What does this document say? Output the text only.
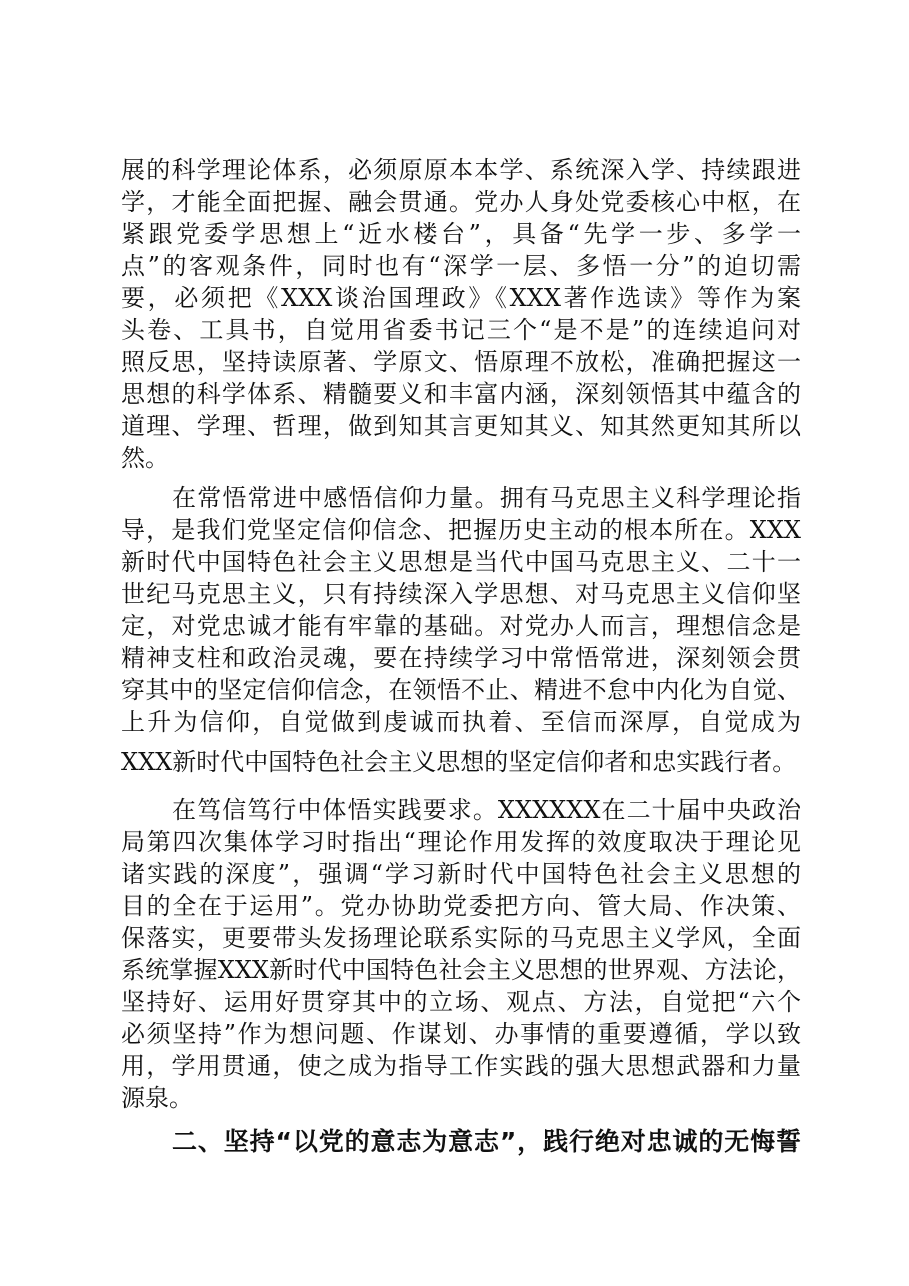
展的科学理论体系，必须原原本本学、系统深入学、持续跟进
学，才能全面把握、融会贯通。党办人身处党委核心中枢，在
紧跟党委学思想上“近水楼台”，具备“先学一步、多学一
点”的客观条件，同时也有“深学一层、多悟一分”的迫切需
要，必须把《XXX谈治国理政》《XXX著作选读》等作为案
头卷、工具书，自觉用省委书记三个“是不是”的连续追问对
照反思，坚持读原著、学原文、悟原理不放松，准确把握这一
思想的科学体系、精髓要义和丰富内涵，深刻领悟其中蕴含的
道理、学理、哲理，做到知其言更知其义、知其然更知其所以
然。
在常悟常进中感悟信仰力量。拥有马克思主义科学理论指
导，是我们党坚定信仰信念、把握历史主动的根本所在。XXX
新时代中国特色社会主义思想是当代中国马克思主义、二十一
世纪马克思主义，只有持续深入学思想、对马克思主义信仰坚
定，对党忠诚才能有牢靠的基础。对党办人而言，理想信念是
精神支柱和政治灵魂，要在持续学习中常悟常进，深刻领会贯
穿其中的坚定信仰信念，在领悟不止、精进不怠中内化为自觉、
上升为信仰，自觉做到虔诚而执着、至信而深厚，自觉成为
XXX新时代中国特色社会主义思想的坚定信仰者和忠实践行者。
在笃信笃行中体悟实践要求。XXXXXX在二十届中央政治
局第四次集体学习时指出“理论作用发挥的效度取决于理论见
诸实践的深度”，强调“学习新时代中国特色社会主义思想的
目的全在于运用”。党办协助党委把方向、管大局、作决策、
保落实，更要带头发扬理论联系实际的马克思主义学风，全面
系统掌握XXX新时代中国特色社会主义思想的世界观、方法论，
坚持好、运用好贯穿其中的立场、观点、方法，自觉把“六个
必须坚持”作为想问题、作谋划、办事情的重要遵循，学以致
用，学用贯通，使之成为指导工作实践的强大思想武器和力量
源泉。
二、坚持“以党的意志为意志”，践行绝对忠诚的无悔誓
